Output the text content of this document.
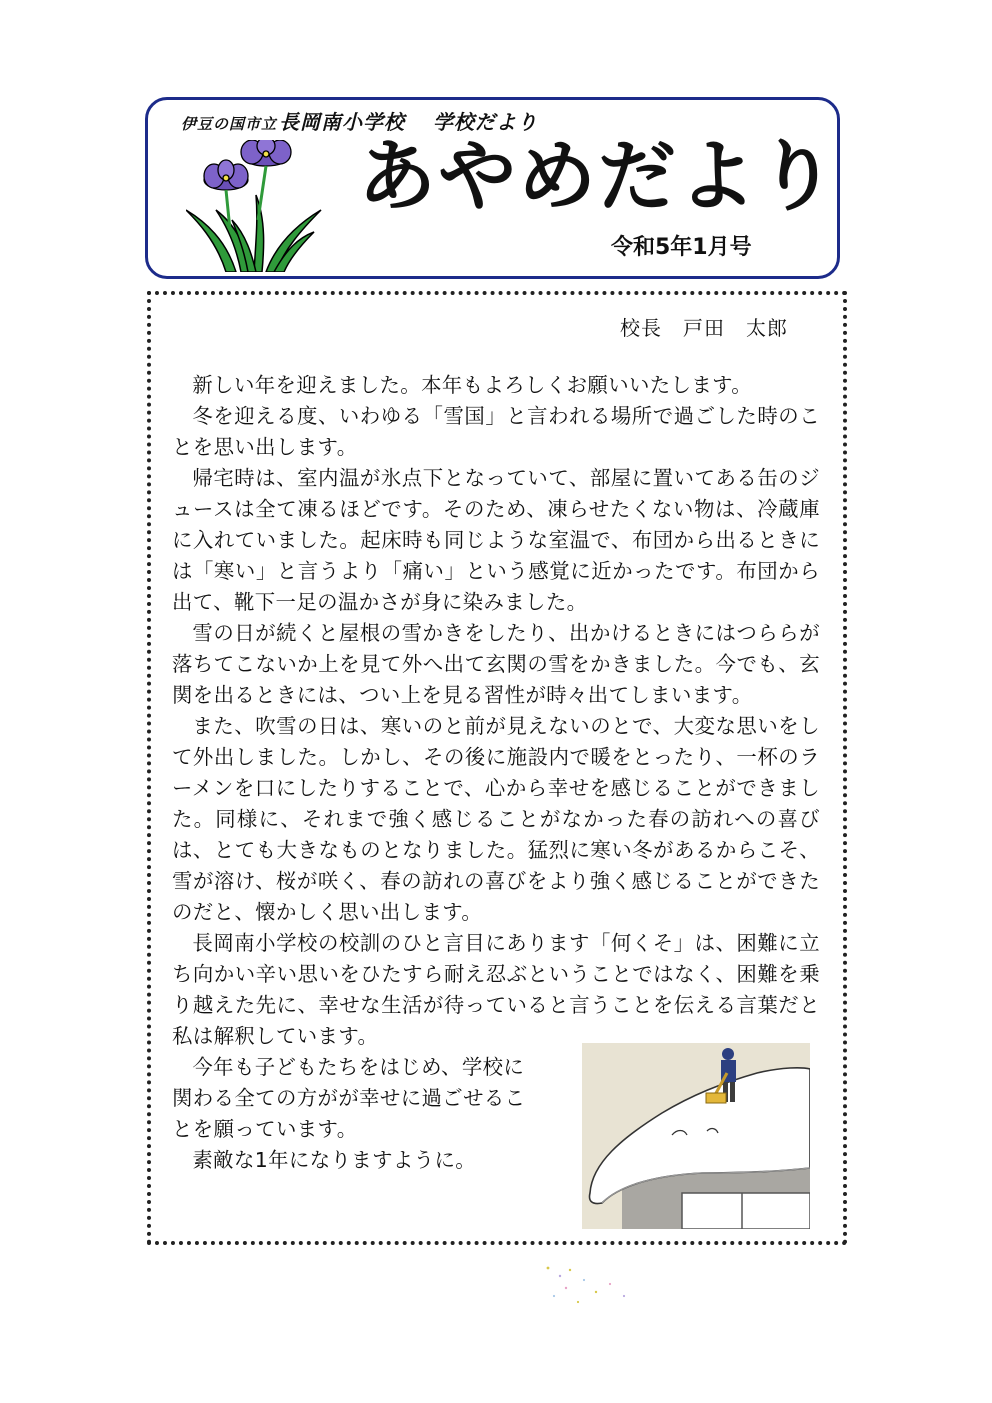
伊豆の国市立 長岡南小学校 学校だより
あやめだより
令和5年1月号
校長　戸田　太郎

新しい年を迎えました。本年もよろしくお願いいたします。

冬を迎える度、いわゆる「雪国」と言われる場所で過ごした時のことを思い出します。

帰宅時は、室内温が氷点下となっていて、部屋に置いてある缶のジュースは全て凍るほどです。そのため、凍らせたくない物は、冷蔵庫に入れていました。起床時も同じような室温で、布団から出るときには「寒い」と言うより「痛い」という感覚に近かったです。布団から出て、靴下一足の温かさが身に染みました。

雪の日が続くと屋根の雪かきをしたり、出かけるときにはつららが落ちてこないか上を見て外へ出て玄関の雪をかきました。今でも、玄関を出るときには、つい上を見る習性が時々出てしまいます。

また、吹雪の日は、寒いのと前が見えないのとで、大変な思いをして外出しました。しかし、その後に施設内で暖をとったり、一杯のラーメンを口にしたりすることで、心から幸せを感じることができました。同様に、それまで強く感じることがなかった春の訪れへの喜びは、とても大きなものとなりました。猛烈に寒い冬があるからこそ、雪が溶け、桜が咲く、春の訪れの喜びをより強く感じることができたのだと、懐かしく思い出します。

長岡南小学校の校訓のひと言目にあります「何くそ」は、困難に立ち向かい辛い思いをひたすら耐え忍ぶということではなく、困難を乗り越えた先に、幸せな生活が待っていると言うことを伝える言葉だと私は解釈しています。

今年も子どもたちをはじめ、学校に関わる全ての方がが幸せに過ごせることを願っています。

素敵な1年になりますように。
